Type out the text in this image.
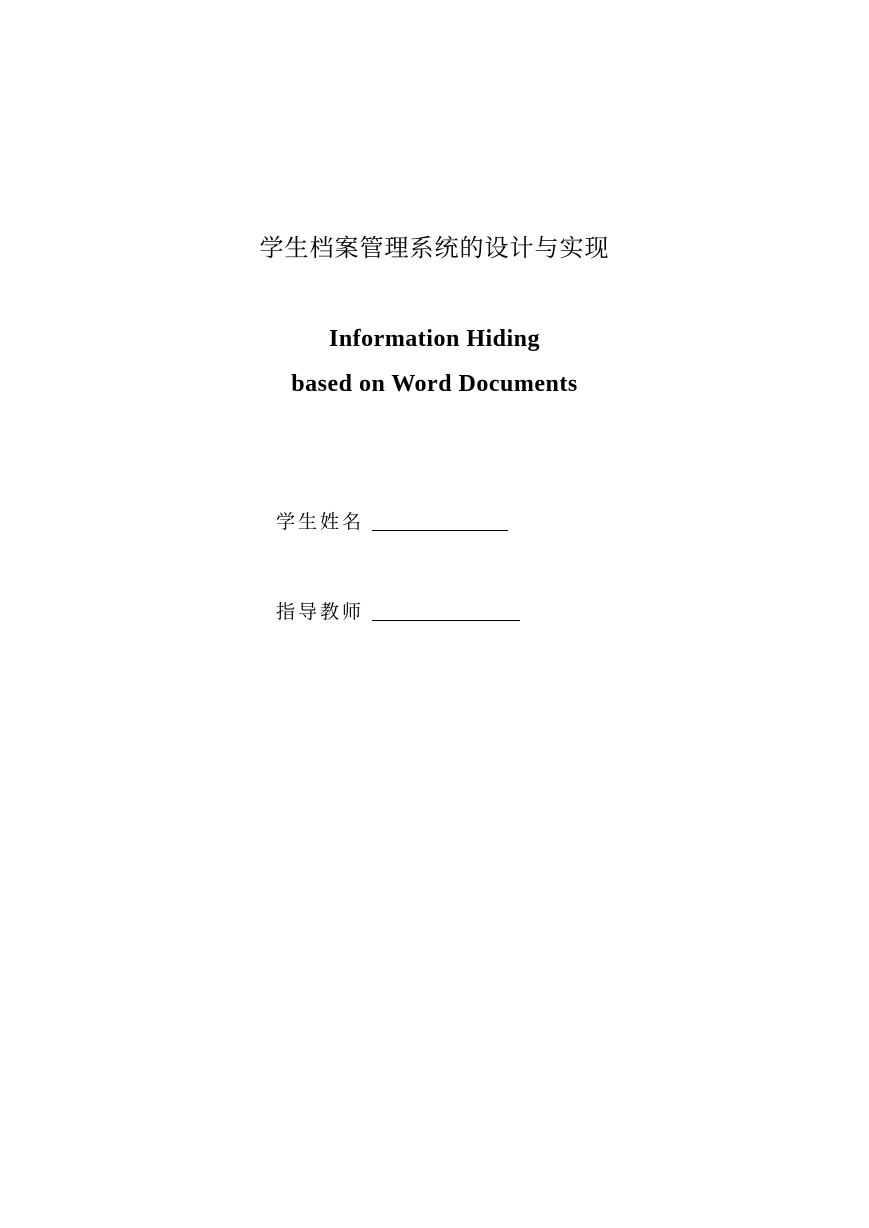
学生档案管理系统的设计与实现
Information Hiding
based on Word Documents
学生姓名
指导教师
